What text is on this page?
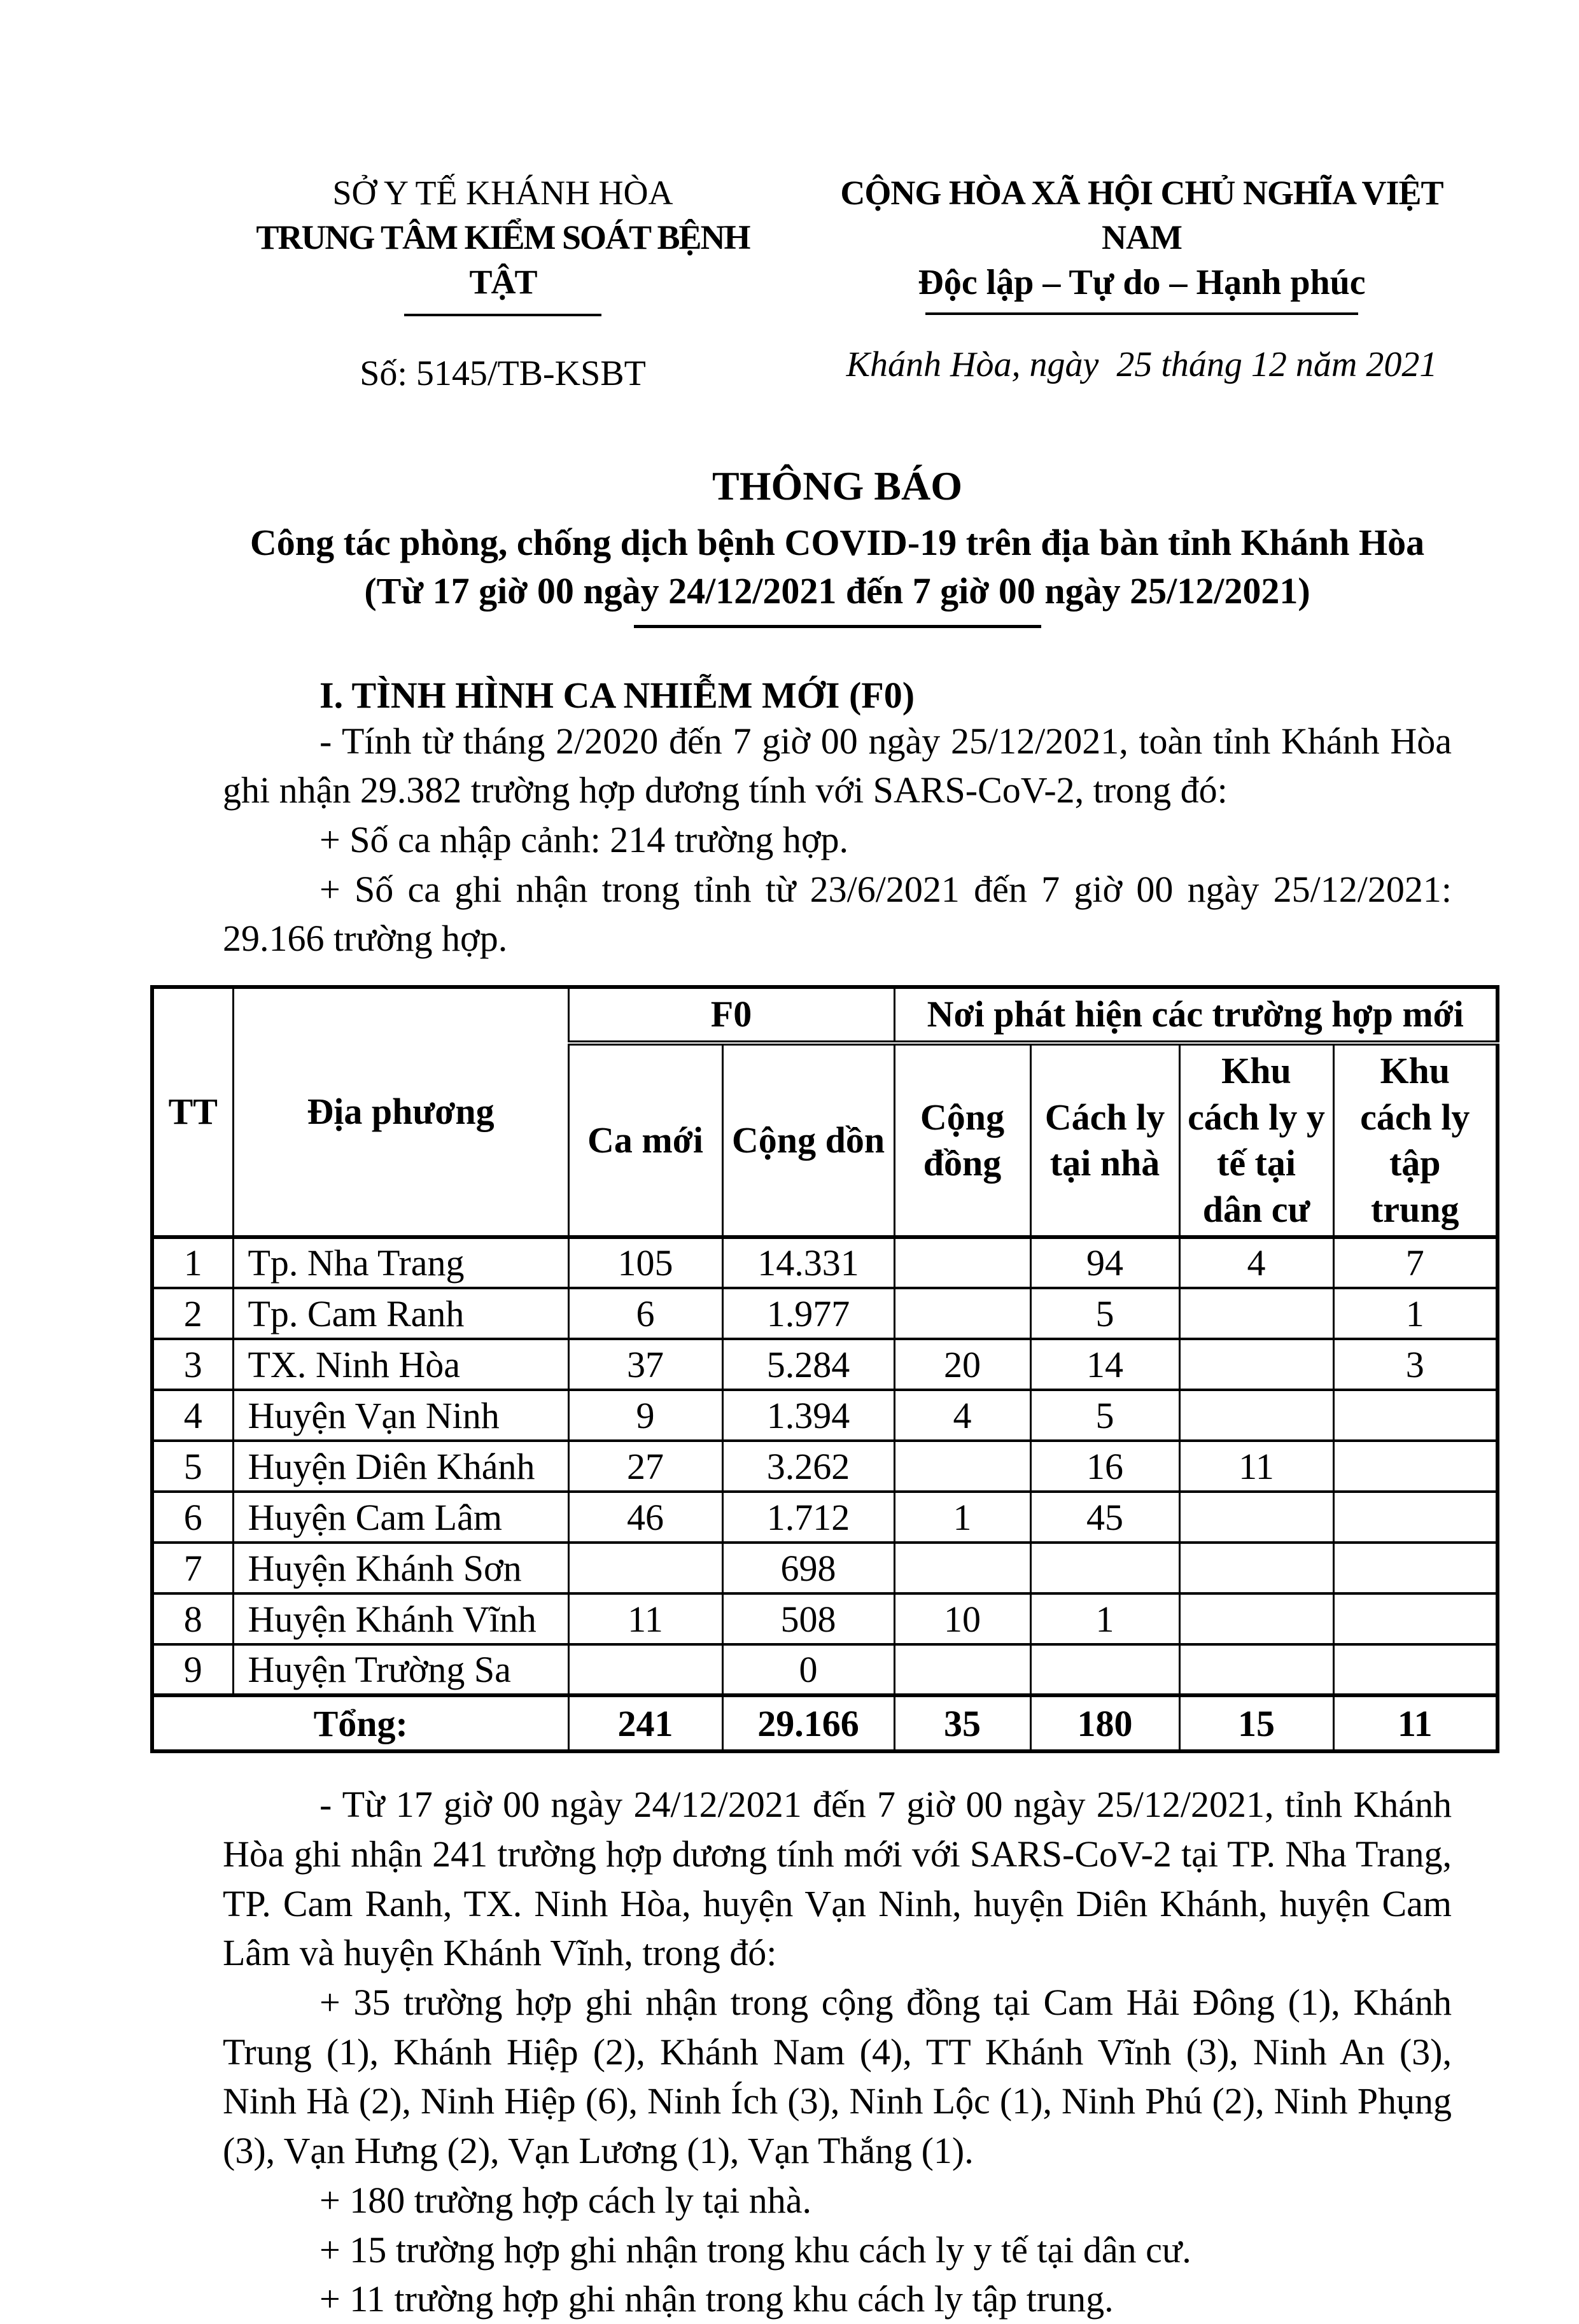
SỞ Y TẾ KHÁNH HÒA
TRUNG TÂM KIỂM SOÁT BỆNH TẬT
Số: 5145/TB-KSBT
CỘNG HÒA XÃ HỘI CHỦ NGHĨA VIỆT NAM
Độc lập – Tự do – Hạnh phúc
Khánh Hòa, ngày  25 tháng 12 năm 2021
THÔNG BÁO
Công tác phòng, chống dịch bệnh COVID-19 trên địa bàn tỉnh Khánh Hòa
(Từ 17 giờ 00 ngày 24/12/2021 đến 7 giờ 00 ngày 25/12/2021)
I. TÌNH HÌNH CA NHIỄM MỚI (F0)

- Tính từ tháng 2/2020 đến 7 giờ 00 ngày 25/12/2021, toàn tỉnh Khánh Hòa ghi nhận 29.382 trường hợp dương tính với SARS-CoV-2, trong đó:

+ Số ca nhập cảnh: 214 trường hợp.

+ Số ca ghi nhận trong tỉnh từ 23/6/2021 đến 7 giờ 00 ngày 25/12/2021: 29.166 trường hợp.

TT	Địa phương	F0		Nơi phát hiện các trường hợp mới			
		Ca mới	Cộng dồn	Cộng đồng	Cách ly tại nhà	Khu cách ly y tế tại dân cư	Khu cách ly tập trung
1	Tp. Nha Trang	105	14.331		94	4	7
2	Tp. Cam Ranh	6	1.977		5		1
3	TX. Ninh Hòa	37	5.284	20	14		3
4	Huyện Vạn Ninh	9	1.394	4	5		
5	Huyện Diên Khánh	27	3.262		16	11	
6	Huyện Cam Lâm	46	1.712	1	45		
7	Huyện Khánh Sơn		698				
8	Huyện Khánh Vĩnh	11	508	10	1		
9	Huyện Trường Sa		0				
Tổng:		241	29.166	35	180	15	11

- Từ 17 giờ 00 ngày 24/12/2021 đến 7 giờ 00 ngày 25/12/2021, tỉnh Khánh Hòa ghi nhận 241 trường hợp dương tính mới với SARS-CoV-2 tại TP. Nha Trang, TP. Cam Ranh, TX. Ninh Hòa, huyện Vạn Ninh, huyện Diên Khánh, huyện Cam Lâm và huyện Khánh Vĩnh, trong đó:

+ 35 trường hợp ghi nhận trong cộng đồng tại Cam Hải Đông (1), Khánh Trung (1), Khánh Hiệp (2), Khánh Nam (4), TT Khánh Vĩnh (3), Ninh An (3), Ninh Hà (2), Ninh Hiệp (6), Ninh Ích (3), Ninh Lộc (1), Ninh Phú (2), Ninh Phụng (3), Vạn Hưng (2), Vạn Lương (1), Vạn Thắng (1).

+ 180 trường hợp cách ly tại nhà.

+ 15 trường hợp ghi nhận trong khu cách ly y tế tại dân cư.

+ 11 trường hợp ghi nhận trong khu cách ly tập trung.
